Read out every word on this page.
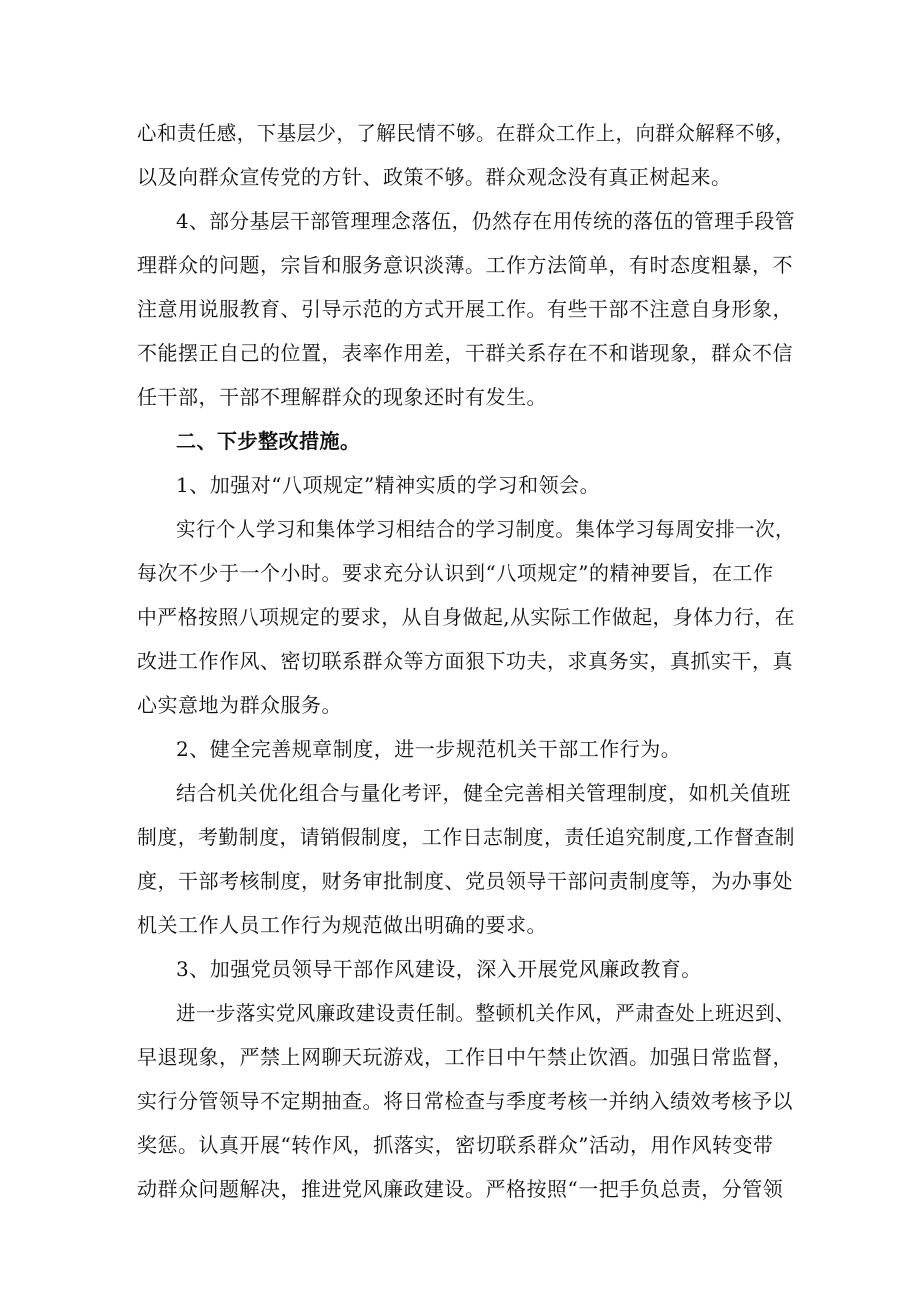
心和责任感，下基层少，了解民情不够。在群众工作上，向群众解释不够，
以及向群众宣传党的方针、政策不够。群众观念没有真正树起来。
4、部分基层干部管理理念落伍，仍然存在用传统的落伍的管理手段管
理群众的问题，宗旨和服务意识淡薄。工作方法简单，有时态度粗暴，不
注意用说服教育、引导示范的方式开展工作。有些干部不注意自身形象，
不能摆正自己的位置，表率作用差，干群关系存在不和谐现象，群众不信
任干部，干部不理解群众的现象还时有发生。
二、下步整改措施。
1、加强对“八项规定”精神实质的学习和领会。
实行个人学习和集体学习相结合的学习制度。集体学习每周安排一次，
每次不少于一个小时。要求充分认识到“八项规定”的精神要旨，在工作
中严格按照八项规定的要求，从自身做起,从实际工作做起，身体力行，在
改进工作作风、密切联系群众等方面狠下功夫，求真务实，真抓实干，真
心实意地为群众服务。
2、健全完善规章制度，进一步规范机关干部工作行为。
结合机关优化组合与量化考评，健全完善相关管理制度，如机关值班
制度，考勤制度，请销假制度，工作日志制度，责任追究制度,工作督查制
度，干部考核制度，财务审批制度、党员领导干部问责制度等，为办事处
机关工作人员工作行为规范做出明确的要求。
3、加强党员领导干部作风建设，深入开展党风廉政教育。
进一步落实党风廉政建设责任制。整顿机关作风，严肃查处上班迟到、
早退现象，严禁上网聊天玩游戏，工作日中午禁止饮酒。加强日常监督，
实行分管领导不定期抽查。将日常检查与季度考核一并纳入绩效考核予以
奖惩。认真开展“转作风，抓落实，密切联系群众”活动，用作风转变带
动群众问题解决，推进党风廉政建设。严格按照“一把手负总责，分管领
